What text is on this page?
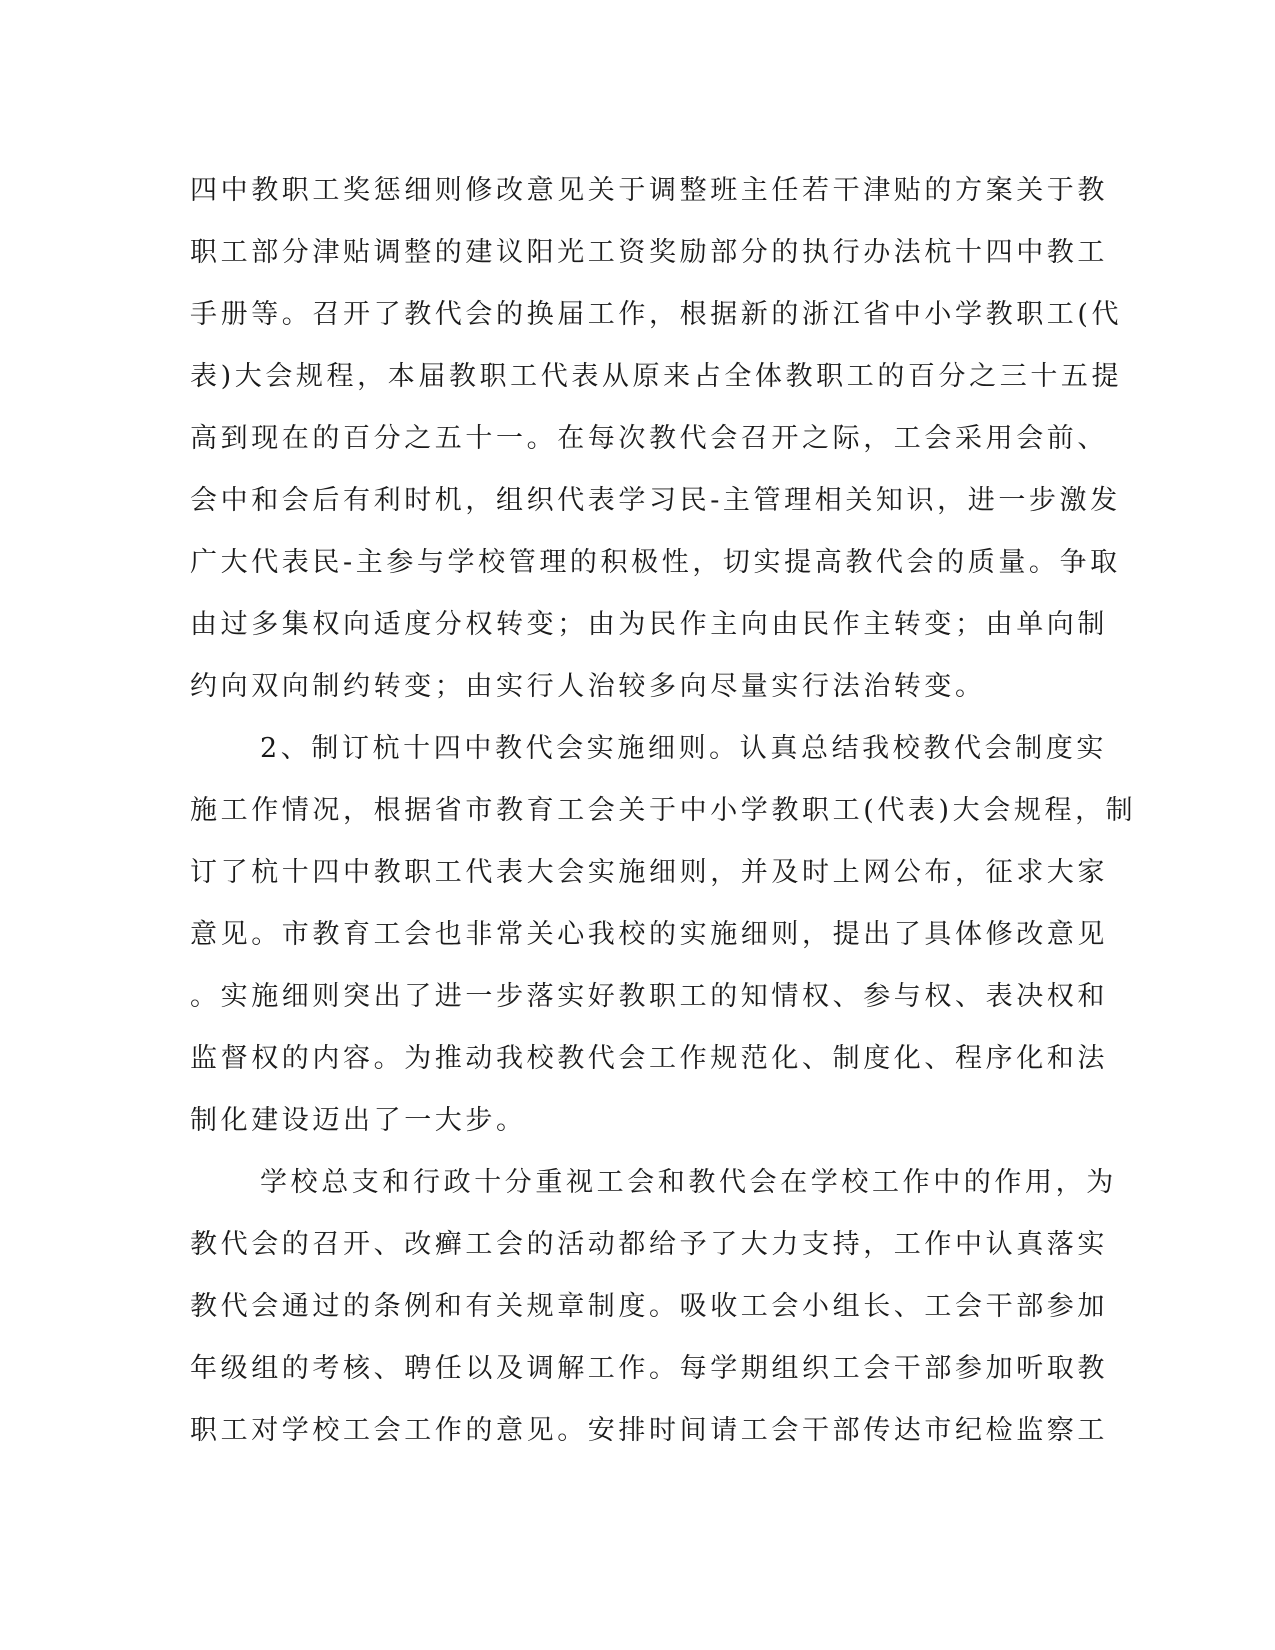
四中教职工奖惩细则修改意见关于调整班主任若干津贴的方案关于教
职工部分津贴调整的建议阳光工资奖励部分的执行办法杭十四中教工
手册等。召开了教代会的换届工作，根据新的浙江省中小学教职工(代
表)大会规程，本届教职工代表从原来占全体教职工的百分之三十五提
高到现在的百分之五十一。在每次教代会召开之际，工会采用会前、
会中和会后有利时机，组织代表学习民-主管理相关知识，进一步激发
广大代表民-主参与学校管理的积极性，切实提高教代会的质量。争取
由过多集权向适度分权转变；由为民作主向由民作主转变；由单向制
约向双向制约转变；由实行人治较多向尽量实行法治转变。
2、制订杭十四中教代会实施细则。认真总结我校教代会制度实
施工作情况，根据省市教育工会关于中小学教职工(代表)大会规程，制
订了杭十四中教职工代表大会实施细则，并及时上网公布，征求大家
意见。市教育工会也非常关心我校的实施细则，提出了具体修改意见
。实施细则突出了进一步落实好教职工的知情权、参与权、表决权和
监督权的内容。为推动我校教代会工作规范化、制度化、程序化和法
制化建设迈出了一大步。
学校总支和行政十分重视工会和教代会在学校工作中的作用，为
教代会的召开、改癣工会的活动都给予了大力支持，工作中认真落实
教代会通过的条例和有关规章制度。吸收工会小组长、工会干部参加
年级组的考核、聘任以及调解工作。每学期组织工会干部参加听取教
职工对学校工会工作的意见。安排时间请工会干部传达市纪检监察工
